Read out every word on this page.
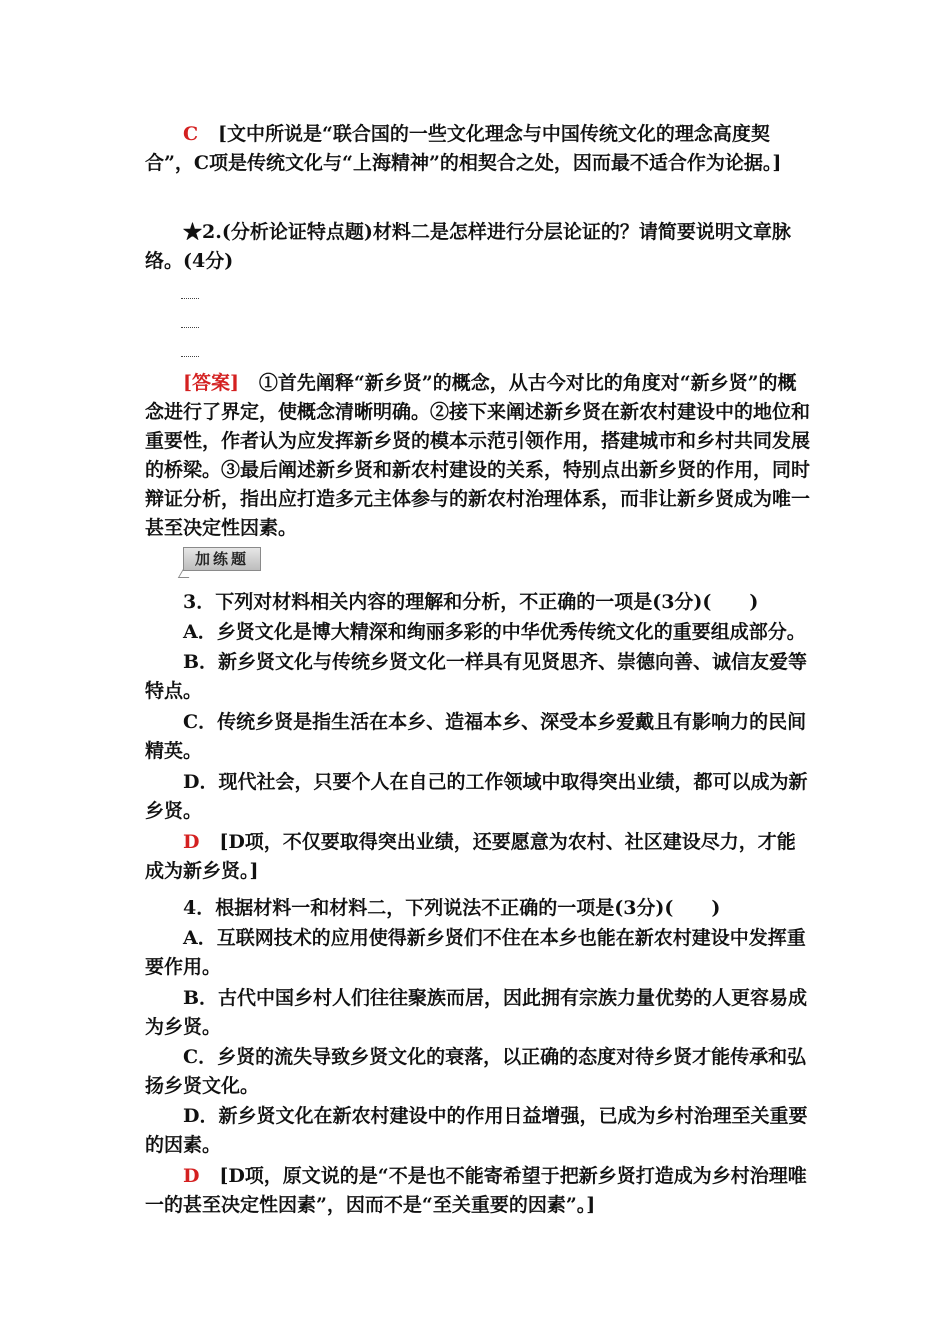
C [文中所说是“联合国的一些文化理念与中国传统文化的理念高度契合”，C项是传统文化与“上海精神”的相契合之处，因而最不适合作为论据。]
★2.(分析论证特点题)材料二是怎样进行分层论证的？请简要说明文章脉络。(4分)
[答案] ①首先阐释“新乡贤”的概念，从古今对比的角度对“新乡贤”的概念进行了界定，使概念清晰明确。②接下来阐述新乡贤在新农村建设中的地位和重要性，作者认为应发挥新乡贤的模本示范引领作用，搭建城市和乡村共同发展的桥梁。③最后阐述新乡贤和新农村建设的关系，特别点出新乡贤的作用，同时辩证分析，指出应打造多元主体参与的新农村治理体系，而非让新乡贤成为唯一甚至决定性因素。
加练题
3．下列对材料相关内容的理解和分析，不正确的一项是(3分)(　　)
A．乡贤文化是博大精深和绚丽多彩的中华优秀传统文化的重要组成部分。
B．新乡贤文化与传统乡贤文化一样具有见贤思齐、崇德向善、诚信友爱等特点。
C．传统乡贤是指生活在本乡、造福本乡、深受本乡爱戴且有影响力的民间精英。
D．现代社会，只要个人在自己的工作领域中取得突出业绩，都可以成为新乡贤。
D [D项，不仅要取得突出业绩，还要愿意为农村、社区建设尽力，才能成为新乡贤。]
4．根据材料一和材料二，下列说法不正确的一项是(3分)(　　)
A．互联网技术的应用使得新乡贤们不住在本乡也能在新农村建设中发挥重要作用。
B．古代中国乡村人们往往聚族而居，因此拥有宗族力量优势的人更容易成为乡贤。
C．乡贤的流失导致乡贤文化的衰落，以正确的态度对待乡贤才能传承和弘扬乡贤文化。
D．新乡贤文化在新农村建设中的作用日益增强，已成为乡村治理至关重要的因素。
D [D项，原文说的是“不是也不能寄希望于把新乡贤打造成为乡村治理唯一的甚至决定性因素”，因而不是“至关重要的因素”。]
